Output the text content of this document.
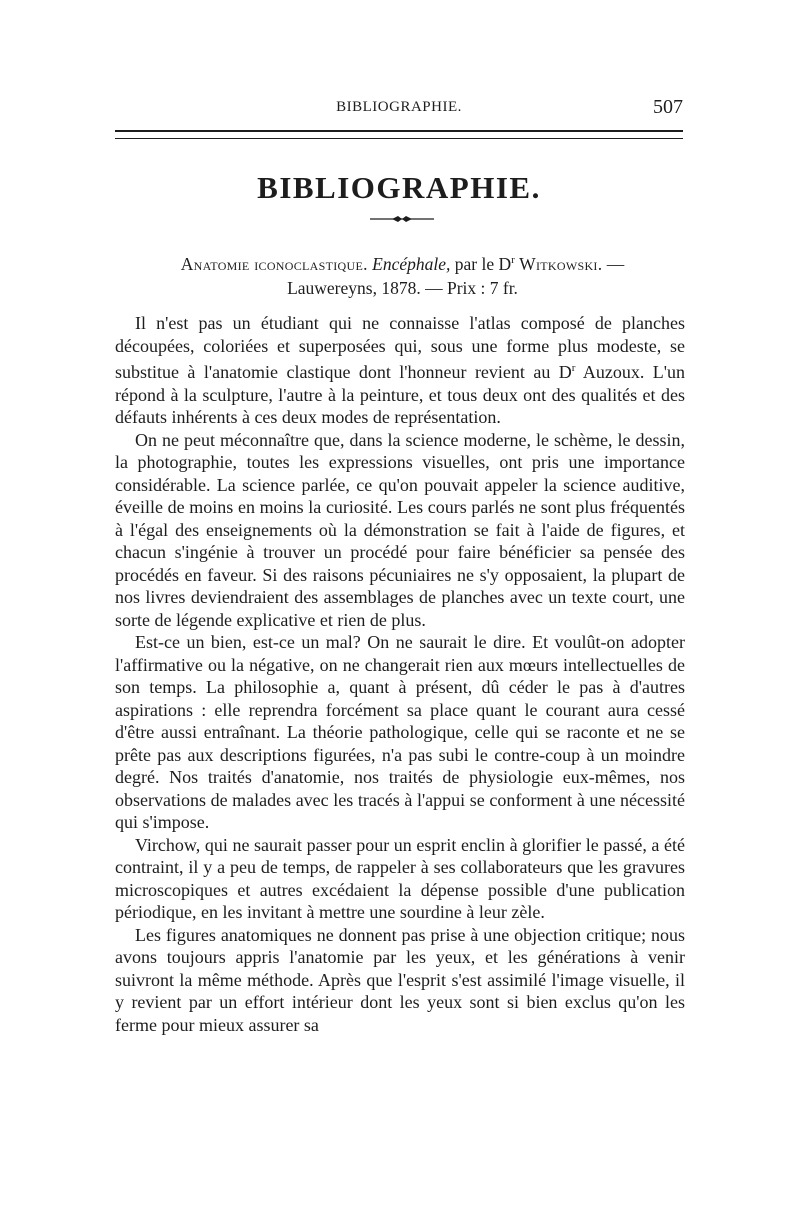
BIBLIOGRAPHIE.	507
BIBLIOGRAPHIE.
Anatomie iconoclastique. Encéphale, par le $D^r$ Witkowski. —
Lauwereyns, 1878. — Prix : 7 fr.

Il n'est pas un étudiant qui ne connaisse l'atlas composé de planches découpées, coloriées et superposées qui, sous une forme plus modeste, se substitue à l'anatomie clastique dont l'honneur revient au $D^r$ Auzoux. L'un répond à la sculpture, l'autre à la peinture, et tous deux ont des qualités et des défauts inhérents à ces deux modes de représentation.

On ne peut méconnaître que, dans la science moderne, le schème, le dessin, la photographie, toutes les expressions visuelles, ont pris une importance considérable. La science parlée, ce qu'on pouvait appeler la science auditive, éveille de moins en moins la curiosité. Les cours parlés ne sont plus fréquentés à l'égal des enseignements où la démonstration se fait à l'aide de figures, et chacun s'ingénie à trouver un procédé pour faire bénéficier sa pensée des procédés en faveur. Si des raisons pécuniaires ne s'y opposaient, la plupart de nos livres deviendraient des assemblages de planches avec un texte court, une sorte de légende explicative et rien de plus.

Est-ce un bien, est-ce un mal? On ne saurait le dire. Et voulût-on adopter l'affirmative ou la négative, on ne changerait rien aux mœurs intellectuelles de son temps. La philosophie a, quant à présent, dû céder le pas à d'autres aspirations : elle reprendra forcément sa place quant le courant aura cessé d'être aussi entraînant. La théorie pathologique, celle qui se raconte et ne se prête pas aux descriptions figurées, n'a pas subi le contre-coup à un moindre degré. Nos traités d'anatomie, nos traités de physiologie eux-mêmes, nos observations de malades avec les tracés à l'appui se conforment à une nécessité qui s'impose.

Virchow, qui ne saurait passer pour un esprit enclin à glorifier le passé, a été contraint, il y a peu de temps, de rappeler à ses collaborateurs que les gravures microscopiques et autres excédaient la dépense possible d'une publication périodique, en les invitant à mettre une sourdine à leur zèle.

Les figures anatomiques ne donnent pas prise à une objection critique; nous avons toujours appris l'anatomie par les yeux, et les générations à venir suivront la même méthode. Après que l'esprit s'est assimilé l'image visuelle, il y revient par un effort intérieur dont les yeux sont si bien exclus qu'on les ferme pour mieux assurer sa
